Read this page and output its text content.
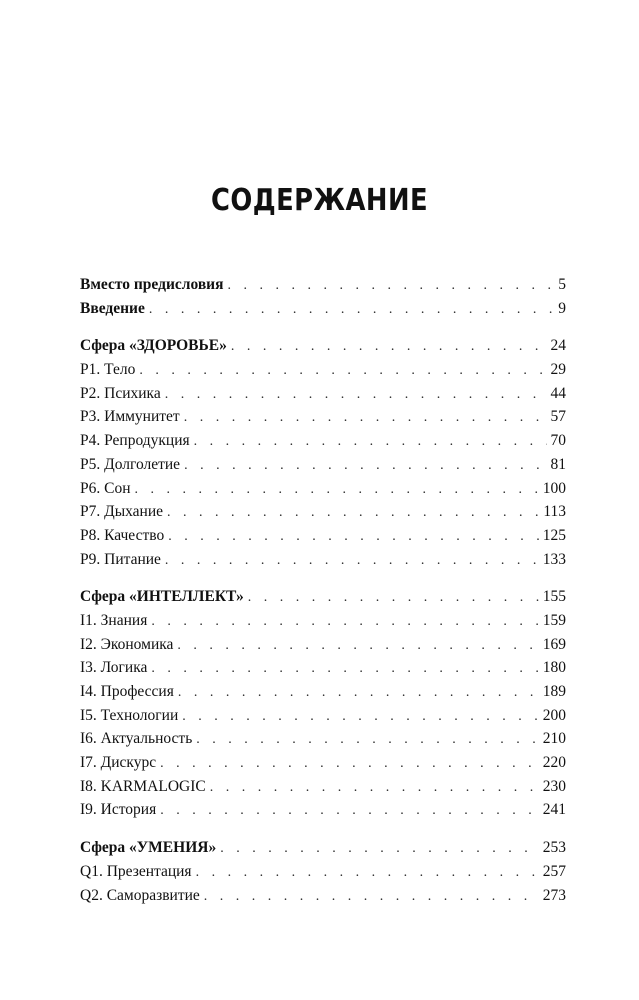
СОДЕРЖАНИЕ
Вместо предисловия . . .	5
Введение . . .	9
Сфера «ЗДОРОВЬЕ» . . .	24
P1. Тело . . .	29
P2. Психика . . .	44
P3. Иммунитет . . .	57
P4. Репродукция . . .	70
P5. Долголетие . . .	81
P6. Сон . . .	100
P7. Дыхание . . .	113
P8. Качество . . .	125
P9. Питание . . .	133
Сфера «ИНТЕЛЛЕКТ» . . .	155
I1. Знания . . .	159
I2. Экономика . . .	169
I3. Логика . . .	180
I4. Профессия . . .	189
I5. Технологии . . .	200
I6. Актуальность . . .	210
I7. Дискурс . . .	220
I8. KARMALOGIC . . .	230
I9. История . . .	241
Сфера «УМЕНИЯ» . . .	253
Q1. Презентация . . .	257
Q2. Саморазвитие . . .	273
